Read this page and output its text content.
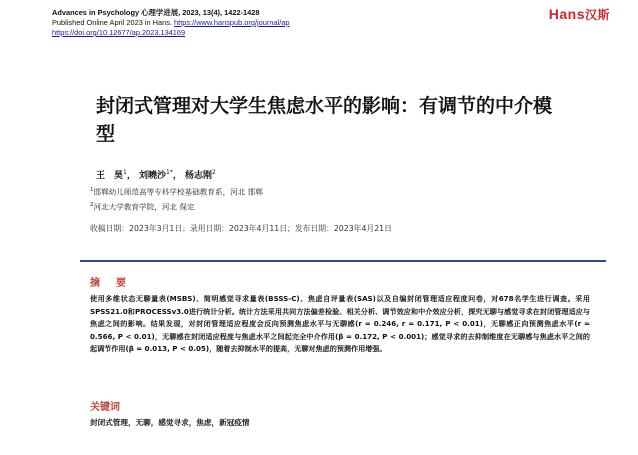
Advances in Psychology 心理学进展, 2023, 13(4), 1422-1428
Published Online April 2023 in Hans. https://www.hanspub.org/journal/ap
https://doi.org/10.12677/ap.2023.134169
Hans汉斯
封闭式管理对大学生焦虑水平的影响：有调节的中介模型
王　昊$^1$， 刘曉沙$^{1*}$， 杨志刚$^2$
$^1$邯郸幼儿师范高等专科学校基础教育系，河北 邯郸
$^2$河北大学教育学院，河北 保定
收稿日期：2023年3月1日；录用日期：2023年4月11日；发布日期：2023年4月21日
摘　要
使用多维状态无聊量表(MSBS)、简明感觉寻求量表(BSSS-C)、焦虑自评量表(SAS)以及自编封闭管理适应程度问卷，对678名学生进行调查。采用SPSS21.0和PROCESSv3.0进行统计分析。统计方法采用共同方法偏差检验、相关分析、调节效应和中介效应分析，探究无聊与感觉寻求在封闭管理适应与焦虑之间的影响。结果发现，对封闭管理适应程度会反向预测焦虑水平与无聊感(r = 0.246, r = 0.171, P < 0.01)，无聊感正向预测焦虑水平(r = 0.566, P < 0.01)，无聊感在封闭适应程度与焦虑水平之间起完全中介作用(β = 0.172, P < 0.001)；感觉寻求的去抑制维度在无聊感与焦虑水平之间的起调节作用(β = 0.013, P < 0.05)，随着去抑制水平的提高，无聊对焦虑的预测作用增强。
关键词
封闭式管理，无聊，感觉寻求，焦虑，新冠疫情
